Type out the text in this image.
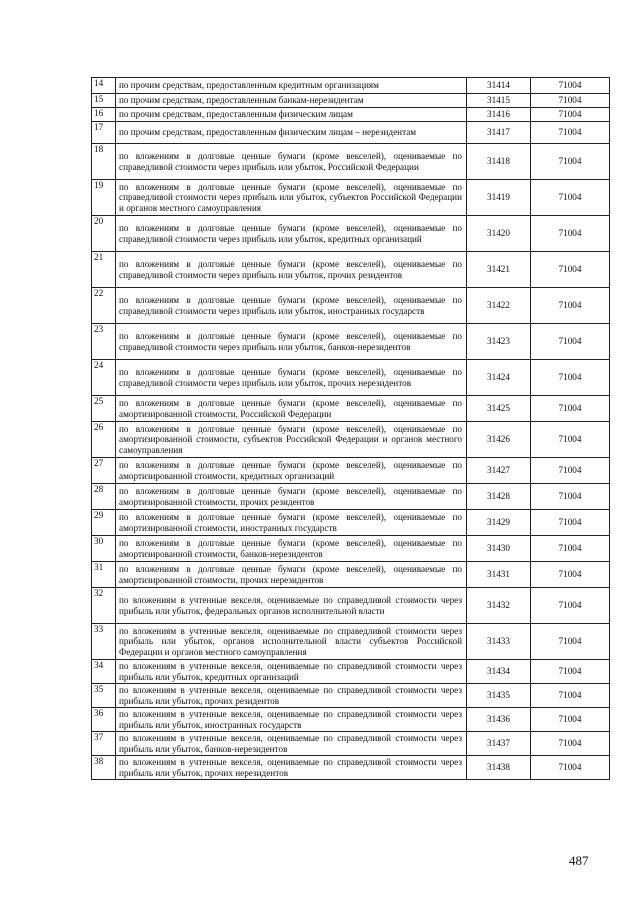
14	по прочим средствам, предоставленным кредитным организациям	31414	71004
15	по прочим средствам, предоставленным банкам-нерезидентам	31415	71004
16	по прочим средствам, предоставленным физическим лицам	31416	71004
17	по прочим средствам, предоставленным физическим лицам – нерезидентам	31417	71004
18	по вложениям в долговые ценные бумаги (кроме векселей), оцениваемые по справедливой стоимости через прибыль или убыток, Российской Федерации	31418	71004
19	по вложениям в долговые ценные бумаги (кроме векселей), оцениваемые по справедливой стоимости через прибыль или убыток, субъектов Российской Федерации и органов местного самоуправления	31419	71004
20	по вложениям в долговые ценные бумаги (кроме векселей), оцениваемые по справедливой стоимости через прибыль или убыток, кредитных организаций	31420	71004
21	по вложениям в долговые ценные бумаги (кроме векселей), оцениваемые по справедливой стоимости через прибыль или убыток, прочих резидентов	31421	71004
22	по вложениям в долговые ценные бумаги (кроме векселей), оцениваемые по справедливой стоимости через прибыль или убыток, иностранных государств	31422	71004
23	по вложениям в долговые ценные бумаги (кроме векселей), оцениваемые по справедливой стоимости через прибыль или убыток, банков-нерезидентов	31423	71004
24	по вложениям в долговые ценные бумаги (кроме векселей), оцениваемые по справедливой стоимости через прибыль или убыток, прочих нерезидентов	31424	71004
25	по вложениям в долговые ценные бумаги (кроме векселей), оцениваемые по амортизированной стоимости, Российской Федерации	31425	71004
26	по вложениям в долговые ценные бумаги (кроме векселей), оцениваемые по амортизированной стоимости, субъектов Российской Федерации и органов местного самоуправления	31426	71004
27	по вложениям в долговые ценные бумаги (кроме векселей), оцениваемые по амортизированной стоимости, кредитных организаций	31427	71004
28	по вложениям в долговые ценные бумаги (кроме векселей), оцениваемые по амортизированной стоимости, прочих резидентов	31428	71004
29	по вложениям в долговые ценные бумаги (кроме векселей), оцениваемые по амортизированной стоимости, иностранных государств	31429	71004
30	по вложениям в долговые ценные бумаги (кроме векселей), оцениваемые по амортизированной стоимости, банков-нерезидентов	31430	71004
31	по вложениям в долговые ценные бумаги (кроме векселей), оцениваемые по амортизированной стоимости, прочих нерезидентов	31431	71004
32	по вложениям в учтенные векселя, оцениваемые по справедливой стоимости через прибыль или убыток, федеральных органов исполнительной власти	31432	71004
33	по вложениям в учтенные векселя, оцениваемые по справедливой стоимости через прибыль или убыток, органов исполнительной власти субъектов Российской Федерации и органов местного самоуправления	31433	71004
34	по вложениям в учтенные векселя, оцениваемые по справедливой стоимости через прибыль или убыток, кредитных организаций	31434	71004
35	по вложениям в учтенные векселя, оцениваемые по справедливой стоимости через прибыль или убыток, прочих резидентов	31435	71004
36	по вложениям в учтенные векселя, оцениваемые по справедливой стоимости через прибыль или убыток, иностранных государств	31436	71004
37	по вложениям в учтенные векселя, оцениваемые по справедливой стоимости через прибыль или убыток, банков-нерезидентов	31437	71004
38	по вложениям в учтенные векселя, оцениваемые по справедливой стоимости через прибыль или убыток, прочих нерезидентов	31438	71004
487
